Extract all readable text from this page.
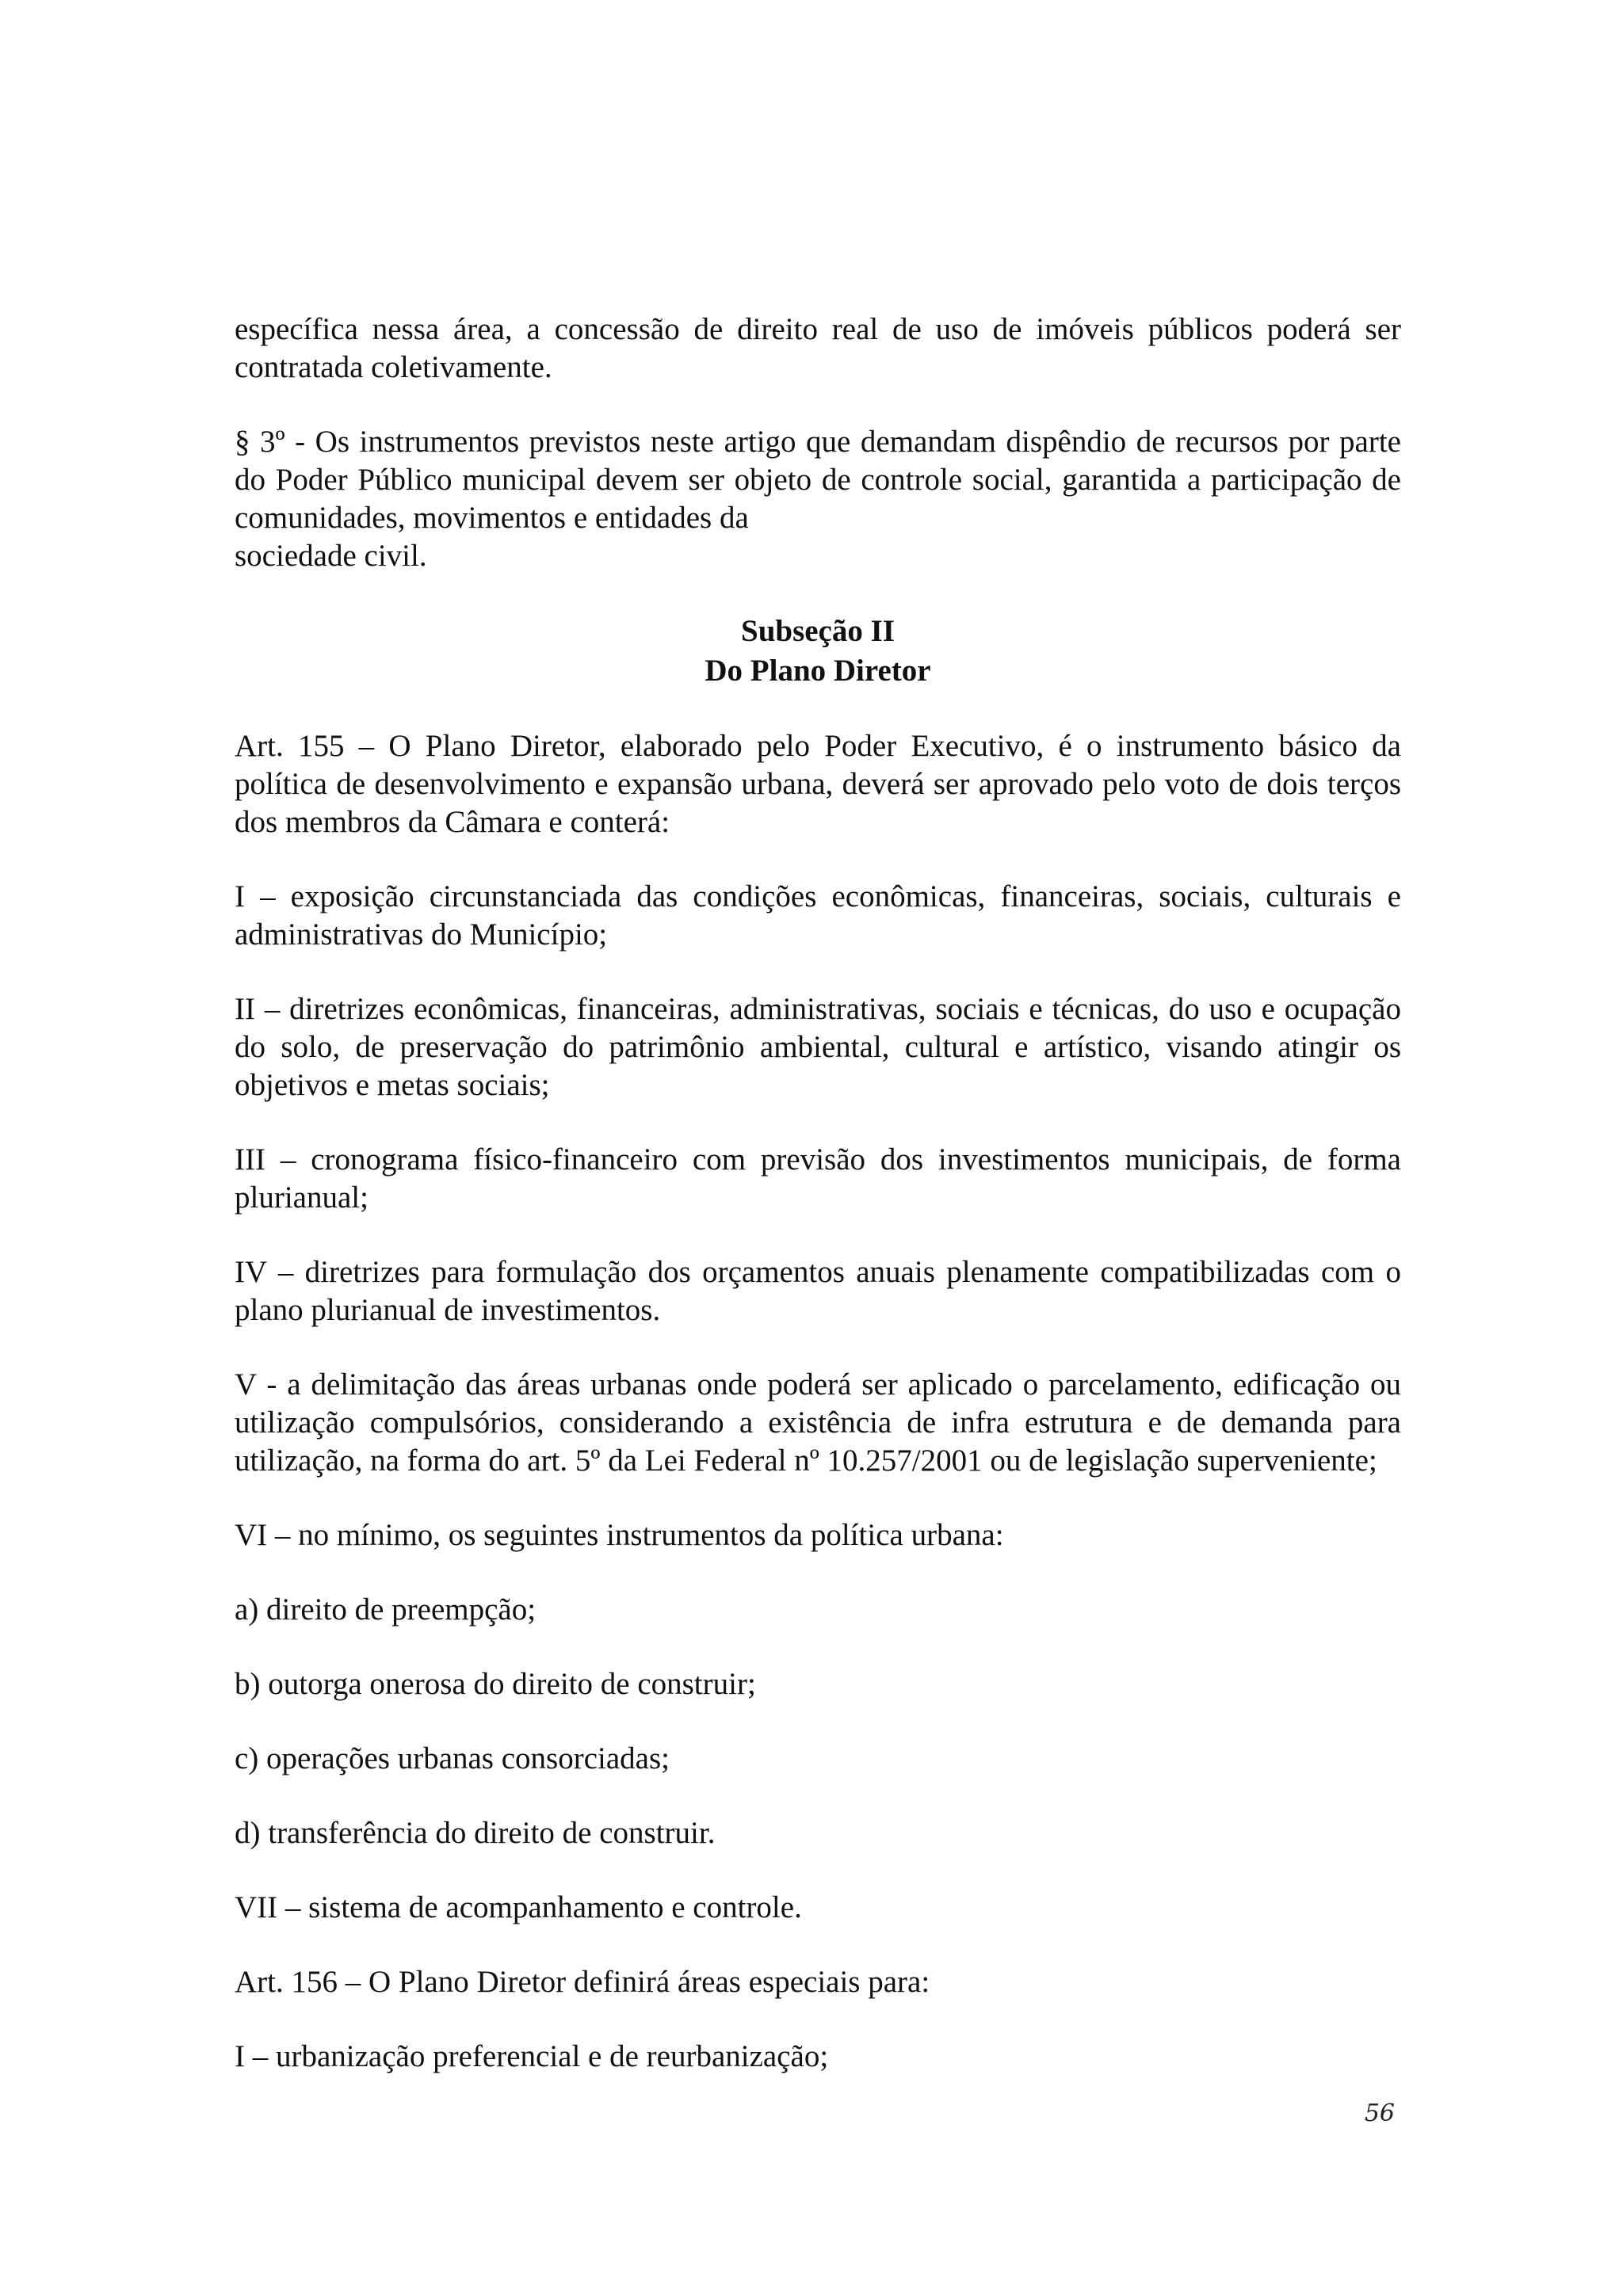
específica nessa área, a concessão de direito real de uso de imóveis públicos poderá ser contratada coletivamente.

§ 3º - Os instrumentos previstos neste artigo que demandam dispêndio de recursos por parte do Poder Público municipal devem ser objeto de controle social, garantida a participação de comunidades, movimentos e entidades da
sociedade civil.

Subseção II
Do Plano Diretor

Art. 155 – O Plano Diretor, elaborado pelo Poder Executivo, é o instrumento básico da política de desenvolvimento e expansão urbana, deverá ser aprovado pelo voto de dois terços dos membros da Câmara e conterá:

I – exposição circunstanciada das condições econômicas, financeiras, sociais, culturais e administrativas do Município;

II – diretrizes econômicas, financeiras, administrativas, sociais e técnicas, do uso e ocupação do solo, de preservação do patrimônio ambiental, cultural e artístico, visando atingir os objetivos e metas sociais;

III – cronograma físico-financeiro com previsão dos investimentos municipais, de forma plurianual;

IV – diretrizes para formulação dos orçamentos anuais plenamente compatibilizadas com o plano plurianual de investimentos.

V - a delimitação das áreas urbanas onde poderá ser aplicado o parcelamento, edificação ou utilização compulsórios, considerando a existência de infra estrutura e de demanda para utilização, na forma do art. 5º da Lei Federal nº 10.257/2001 ou de legislação superveniente;

VI – no mínimo, os seguintes instrumentos da política urbana:

a) direito de preempção;

b) outorga onerosa do direito de construir;

c) operações urbanas consorciadas;

d) transferência do direito de construir.

VII – sistema de acompanhamento e controle.

Art. 156 – O Plano Diretor definirá áreas especiais para:

I – urbanização preferencial e de reurbanização;

56
